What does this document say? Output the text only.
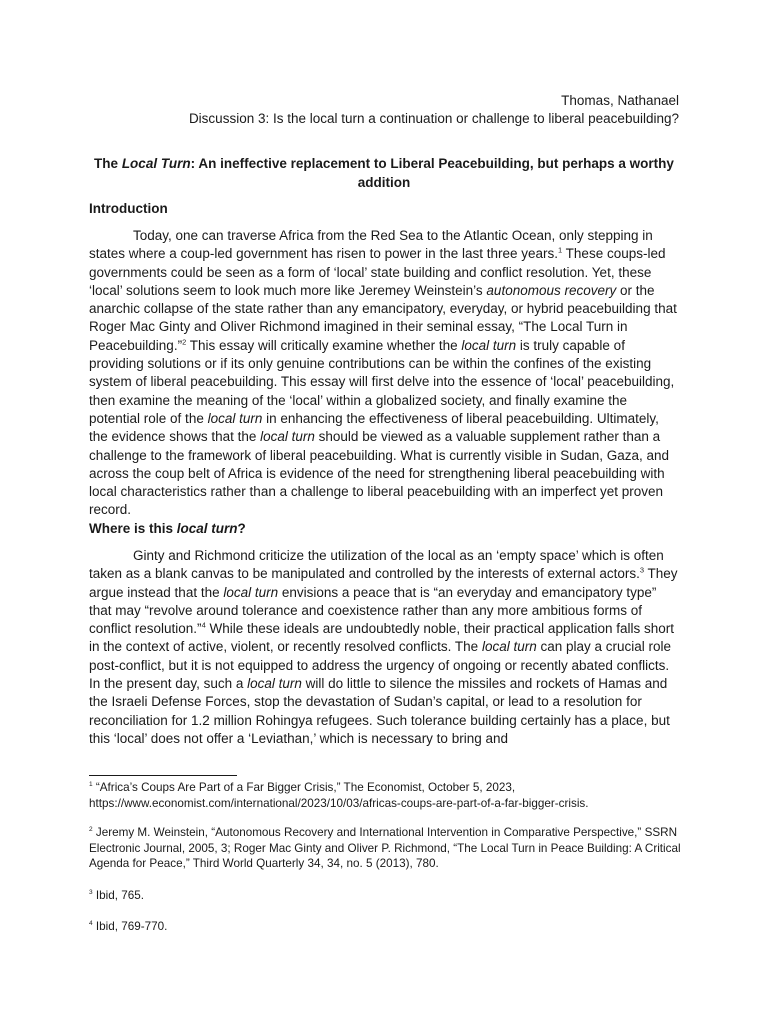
Thomas, Nathanael
Discussion 3: Is the local turn a continuation or challenge to liberal peacebuilding?
The Local Turn: An ineffective replacement to Liberal Peacebuilding, but perhaps a worthy addition
Introduction

Today, one can traverse Africa from the Red Sea to the Atlantic Ocean, only stepping in states where a coup-led government has risen to power in the last three years.$^1$ These coups-led governments could be seen as a form of ‘local’ state building and conflict resolution. Yet, these ‘local’ solutions seem to look much more like Jeremey Weinstein’s autonomous recovery or the anarchic collapse of the state rather than any emancipatory, everyday, or hybrid peacebuilding that Roger Mac Ginty and Oliver Richmond imagined in their seminal essay, “The Local Turn in Peacebuilding.”$^2$ This essay will critically examine whether the local turn is truly capable of providing solutions or if its only genuine contributions can be within the confines of the existing system of liberal peacebuilding. This essay will first delve into the essence of ‘local’ peacebuilding, then examine the meaning of the ‘local’ within a globalized society, and finally examine the potential role of the local turn in enhancing the effectiveness of liberal peacebuilding. Ultimately, the evidence shows that the local turn should be viewed as a valuable supplement rather than a challenge to the framework of liberal peacebuilding. What is currently visible in Sudan, Gaza, and across the coup belt of Africa is evidence of the need for strengthening liberal peacebuilding with local characteristics rather than a challenge to liberal peacebuilding with an imperfect yet proven record.

Where is this local turn?

Ginty and Richmond criticize the utilization of the local as an ‘empty space’ which is often taken as a blank canvas to be manipulated and controlled by the interests of external actors.$^3$ They argue instead that the local turn envisions a peace that is “an everyday and emancipatory type” that may “revolve around tolerance and coexistence rather than any more ambitious forms of conflict resolution.”$^4$ While these ideals are undoubtedly noble, their practical application falls short in the context of active, violent, or recently resolved conflicts. The local turn can play a crucial role post-conflict, but it is not equipped to address the urgency of ongoing or recently abated conflicts. In the present day, such a local turn will do little to silence the missiles and rockets of Hamas and the Israeli Defense Forces, stop the devastation of Sudan’s capital, or lead to a resolution for reconciliation for 1.2 million Rohingya refugees. Such tolerance building certainly has a place, but this ‘local’ does not offer a ‘Leviathan,’ which is necessary to bring and

$^1$ “Africa’s Coups Are Part of a Far Bigger Crisis,” The Economist, October 5, 2023, https://www.economist.com/international/2023/10/03/africas-coups-are-part-of-a-far-bigger-crisis.

$^2$ Jeremy M. Weinstein, “Autonomous Recovery and International Intervention in Comparative Perspective,” SSRN Electronic Journal, 2005, 3; Roger Mac Ginty and Oliver P. Richmond, “The Local Turn in Peace Building: A Critical Agenda for Peace,” Third World Quarterly 34, 34, no. 5 (2013), 780.

$^3$ Ibid, 765.

$^4$ Ibid, 769-770.
